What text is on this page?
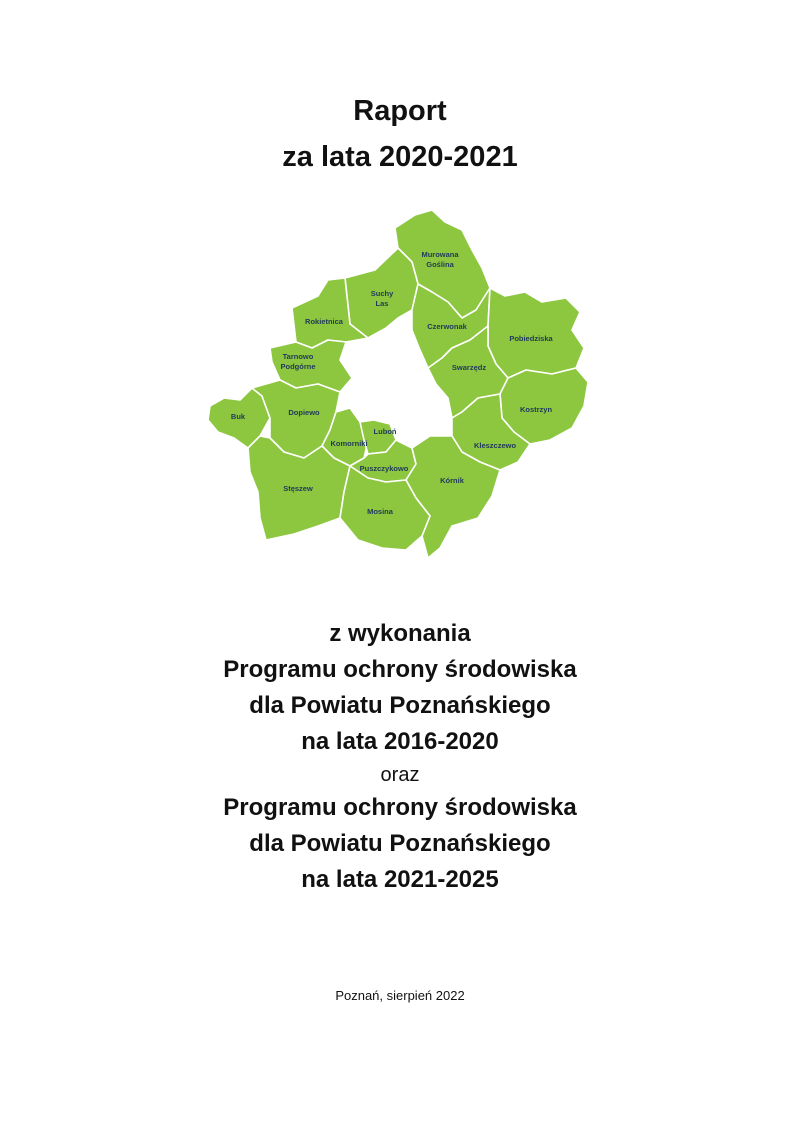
Raport
za lata 2020-2021
Murowana
Goślina
Suchy
Las
Rokietnica
Czerwonak
Pobiedziska
Tarnowo
Podgórne	Swarzędz
Buk	Dopiewo	Kostrzyn
Luboń
Komorniki	Kleszczewo
Puszczykowo
Kórnik
Stęszew
Mosina
z wykonania
Programu ochrony środowiska
dla Powiatu Poznańskiego
na lata 2016-2020
oraz
Programu ochrony środowiska
dla Powiatu Poznańskiego
na lata 2021-2025
Poznań, sierpień 2022
